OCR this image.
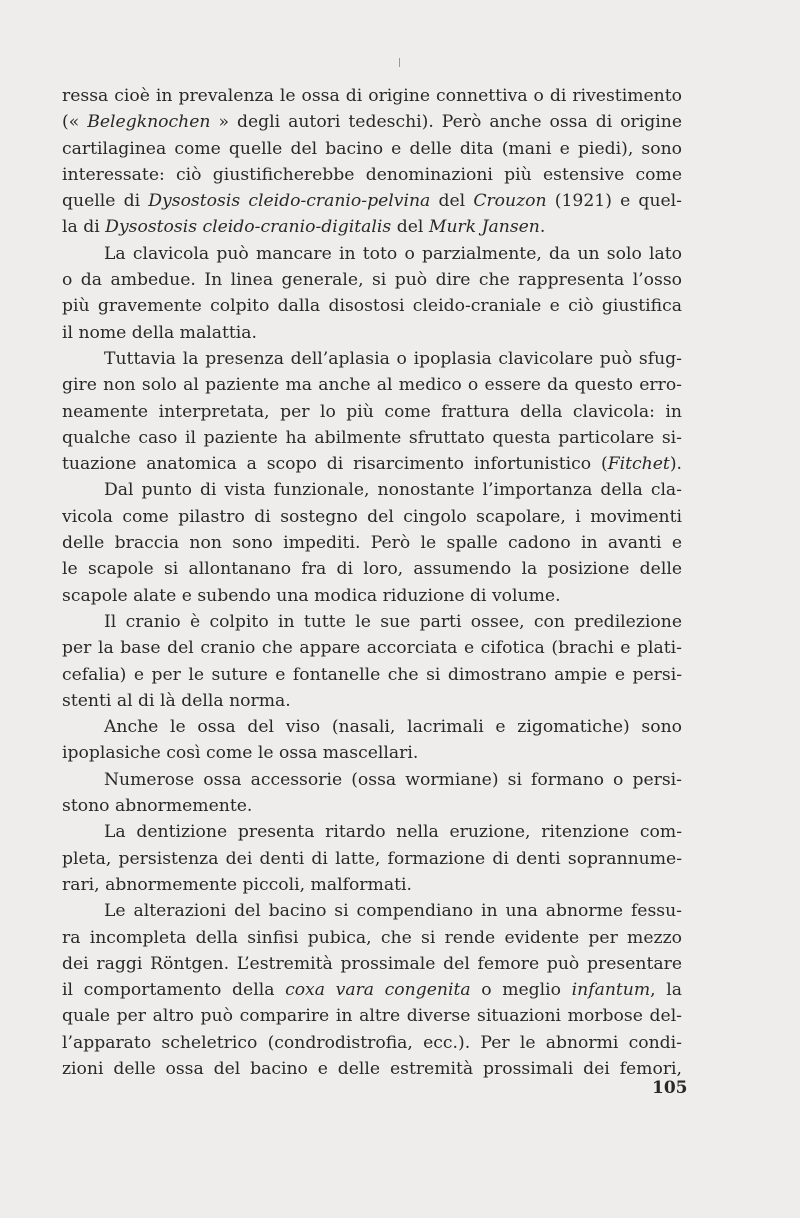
ressa cioè in prevalenza le ossa di origine connettiva o di rivestimento
(« Belegknochen » degli autori tedeschi). Però anche ossa di origine
cartilaginea come quelle del bacino e delle dita (mani e piedi), sono
interessate: ciò giustificherebbe denominazioni più estensive come
quelle di Dysostosis cleido-cranio-pelvina del Crouzon (1921) e quel-
la di Dysostosis cleido-cranio-digitalis del Murk Jansen.
La clavicola può mancare in toto o parzialmente, da un solo lato
o da ambedue. In linea generale, si può dire che rappresenta l’osso
più gravemente colpito dalla disostosi cleido-craniale e ciò giustifica
il nome della malattia.
Tuttavia la presenza dell’aplasia o ipoplasia clavicolare può sfug-
gire non solo al paziente ma anche al medico o essere da questo erro-
neamente interpretata, per lo più come frattura della clavicola: in
qualche caso il paziente ha abilmente sfruttato questa particolare si-
tuazione anatomica a scopo di risarcimento infortunistico (Fitchet).
Dal punto di vista funzionale, nonostante l’importanza della cla-
vicola come pilastro di sostegno del cingolo scapolare, i movimenti
delle braccia non sono impediti. Però le spalle cadono in avanti e
le scapole si allontanano fra di loro, assumendo la posizione delle
scapole alate e subendo una modica riduzione di volume.
Il cranio è colpito in tutte le sue parti ossee, con predilezione
per la base del cranio che appare accorciata e cifotica (brachi e plati-
cefalia) e per le suture e fontanelle che si dimostrano ampie e persi-
stenti al di là della norma.
Anche le ossa del viso (nasali, lacrimali e zigomatiche) sono
ipoplasiche così come le ossa mascellari.
Numerose ossa accessorie (ossa wormiane) si formano o persi-
stono abnormemente.
La dentizione presenta ritardo nella eruzione, ritenzione com-
pleta, persistenza dei denti di latte, formazione di denti soprannume-
rari, abnormemente piccoli, malformati.
Le alterazioni del bacino si compendiano in una abnorme fessu-
ra incompleta della sinfisi pubica, che si rende evidente per mezzo
dei raggi Röntgen. L’estremità prossimale del femore può presentare
il comportamento della coxa vara congenita o meglio infantum, la
quale per altro può comparire in altre diverse situazioni morbose del-
l’apparato scheletrico (condrodistrofia, ecc.). Per le abnormi condi-
zioni delle ossa del bacino e delle estremità prossimali dei femori,
105
